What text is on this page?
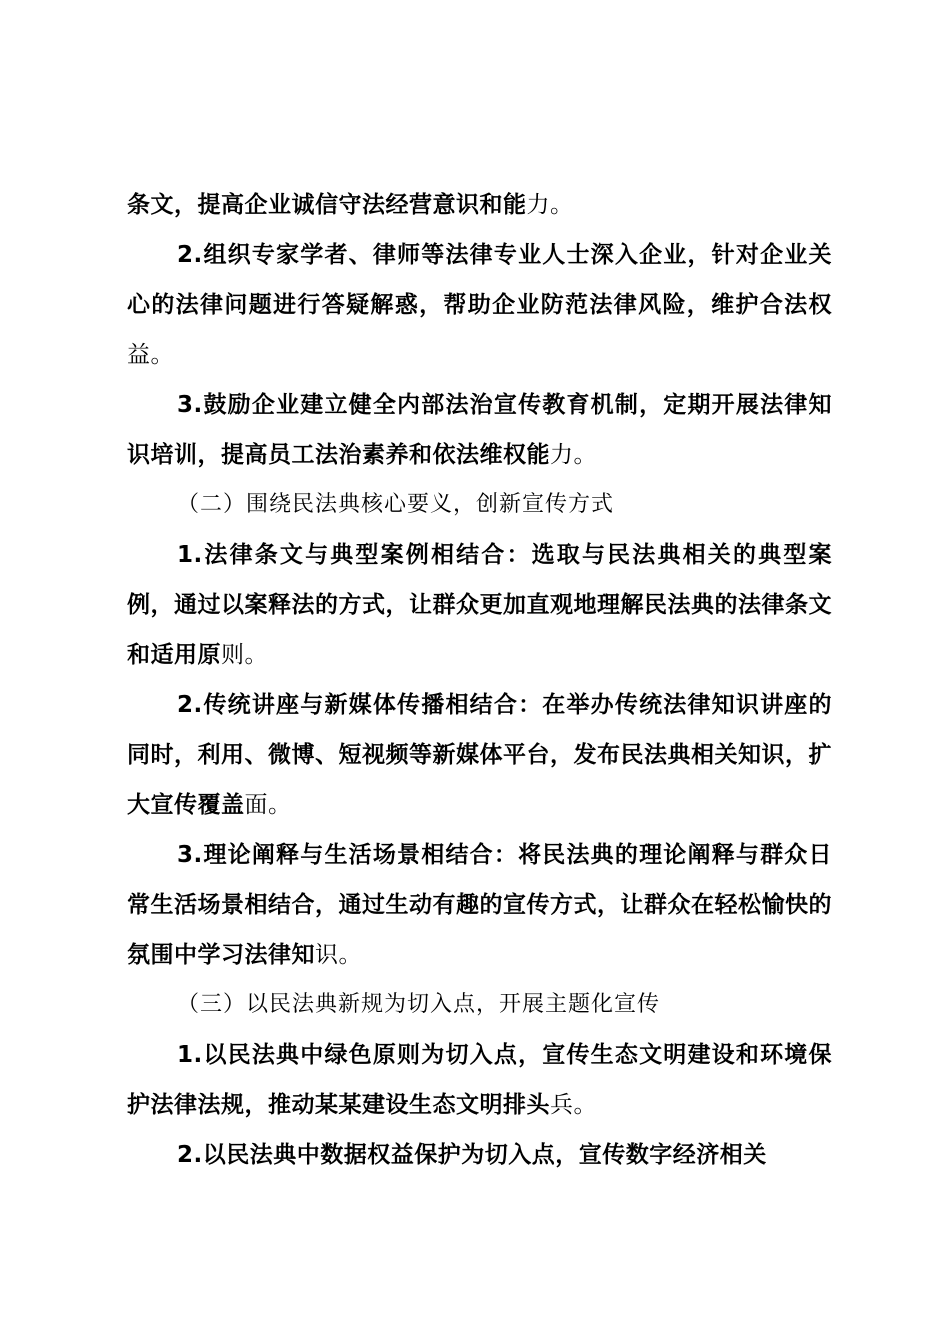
条文，提高企业诚信守法经营意识和能力。

2.组织专家学者、律师等法律专业人士深入企业，针对企业关心的法律问题进行答疑解惑，帮助企业防范法律风险，维护合法权益。

3.鼓励企业建立健全内部法治宣传教育机制，定期开展法律知识培训，提高员工法治素养和依法维权能力。

（二）围绕民法典核心要义，创新宣传方式

1.法律条文与典型案例相结合：选取与民法典相关的典型案例，通过以案释法的方式，让群众更加直观地理解民法典的法律条文和适用原则。

2.传统讲座与新媒体传播相结合：在举办传统法律知识讲座的同时，利用、微博、短视频等新媒体平台，发布民法典相关知识，扩大宣传覆盖面。

3.理论阐释与生活场景相结合：将民法典的理论阐释与群众日常生活场景相结合，通过生动有趣的宣传方式，让群众在轻松愉快的氛围中学习法律知识。

（三）以民法典新规为切入点，开展主题化宣传

1.以民法典中绿色原则为切入点，宣传生态文明建设和环境保护法律法规，推动某某建设生态文明排头兵。

2.以民法典中数据权益保护为切入点，宣传数字经济相关
